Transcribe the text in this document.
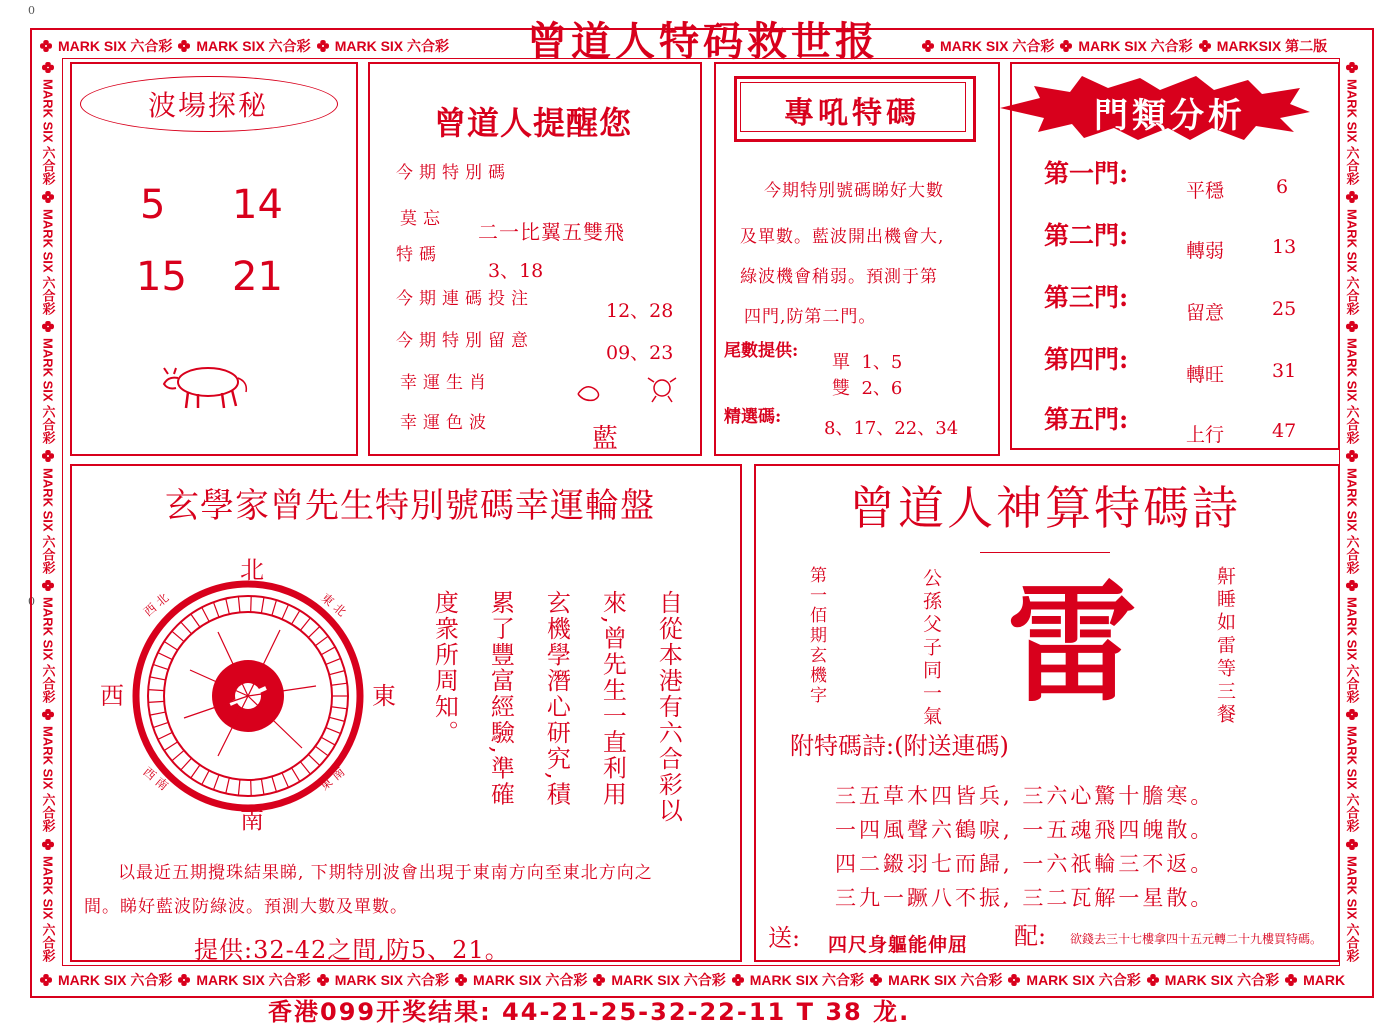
0
0
MARK SIX 六合彩 MARK SIX 六合彩 MARK SIX 六合彩	MARK SIX 六合彩 MARK SIX 六合彩 MARKSIX 第二版
曾道人特码救世报
MARK SIX 六合彩 MARK SIX 六合彩 MARK SIX 六合彩 MARK SIX 六合彩 MARK SIX 六合彩 MARK SIX 六合彩 MARK SIX 六合彩 MARK SIX 六合彩 MARK SIX 六合彩 MARK
MARK SIX 六合彩
MARK SIX 六合彩
MARK SIX 六合彩
MARK SIX 六合彩
MARK SIX 六合彩
MARK SIX 六合彩
MARK SIX 六合彩
MARK SIX 六合彩
MARK SIX 六合彩
MARK SIX 六合彩
MARK SIX 六合彩
MARK SIX 六合彩
MARK SIX 六合彩
MARK SIX 六合彩
波場探秘
5 14
15 21
曾道人提醒您
今期特別碼
莫忘
二一比翼五雙飛
特碼
3、18
今期連碼投注
12、28
今期特別留意
09、23
幸運生肖
幸運色波
藍
專吼特碼
今期特別號碼睇好大數
及單數。藍波開出機會大,
綠波機會稍弱。預測于第
四門,防第二門。
尾數提供:
單  1、5
雙  2、6
精選碼:
8、17、22、34
門類分析
第一門:
平穩	6
第二門:
轉弱	13
第三門:
留意	25
第四門:
轉旺	31
第五門:
上行	47
玄學家曾先生特別號碼幸運輪盤
北
南
東
西
西 北	東 北
西 南	東 南	自從本港有六合彩以
來,曾先生一直利用
玄機學潛心研究,積
累了豐富經驗,準確
度衆所周知。
以最近五期攪珠結果睇, 下期特別波會出現于東南方向至東北方向之
間。睇好藍波防綠波。預測大數及單數。
提供:32-42之間,防5、21。
曾道人神算特碼詩
第一佰期玄機字	公孫父子同一氣	鼾睡如雷等三餐
雷
附特碼詩:(附送連碼)
三五草木四皆兵, 三六心驚十膽寒。
一四風聲六鶴唳, 一五魂飛四魄散。
四二鎩羽七而歸, 一六祇輪三不返。
三九一蹶八不振, 三二瓦解一星散。
送: 四尺身軀能伸屈 配: 欲錢去三十七樓拿四十五元轉二十九樓買特碼。
香港099开奖结果: 44-21-25-32-22-11 T 38 龙.
